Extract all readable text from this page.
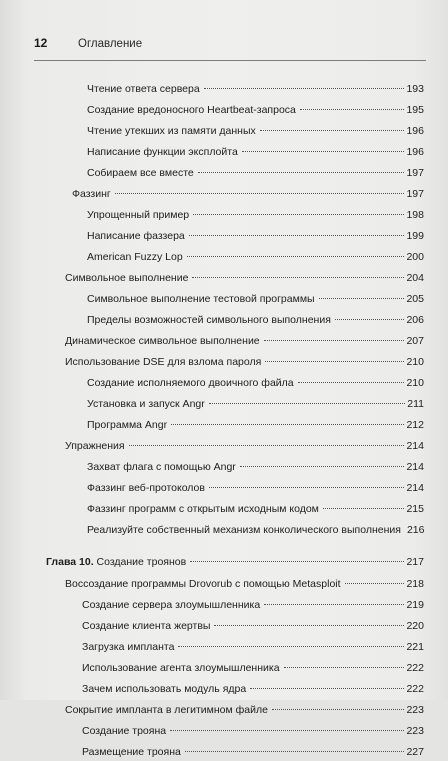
12	Оглавление
Чтение ответа сервера	193
Создание вредоносного Heartbeat-запроса	195
Чтение утекших из памяти данных	196
Написание функции эксплойта	196
Собираем все вместе	197
Фаззинг	197
Упрощенный пример	198
Написание фаззера	199
American Fuzzy Lop	200
Символьное выполнение	204
Символьное выполнение тестовой программы	205
Пределы возможностей символьного выполнения	206
Динамическое символьное выполнение	207
Использование DSE для взлома пароля	210
Создание исполняемого двоичного файла	210
Установка и запуск Angr	211
Программа Angr	212
Упражнения	214
Захват флага с помощью Angr	214
Фаззинг веб-протоколов	214
Фаззинг программ с открытым исходным кодом	215
Реализуйте собственный механизм конколического выполнения 216
Глава 10. Создание троянов	217
Воссоздание программы Drovorub с помощью Metasploit	218
Создание сервера злоумышленника	219
Создание клиента жертвы	220
Загрузка импланта	221
Использование агента злоумышленника	222
Зачем использовать модуль ядра	222
Сокрытие импланта в легитимном файле	223
Создание трояна	223
Размещение трояна	227
